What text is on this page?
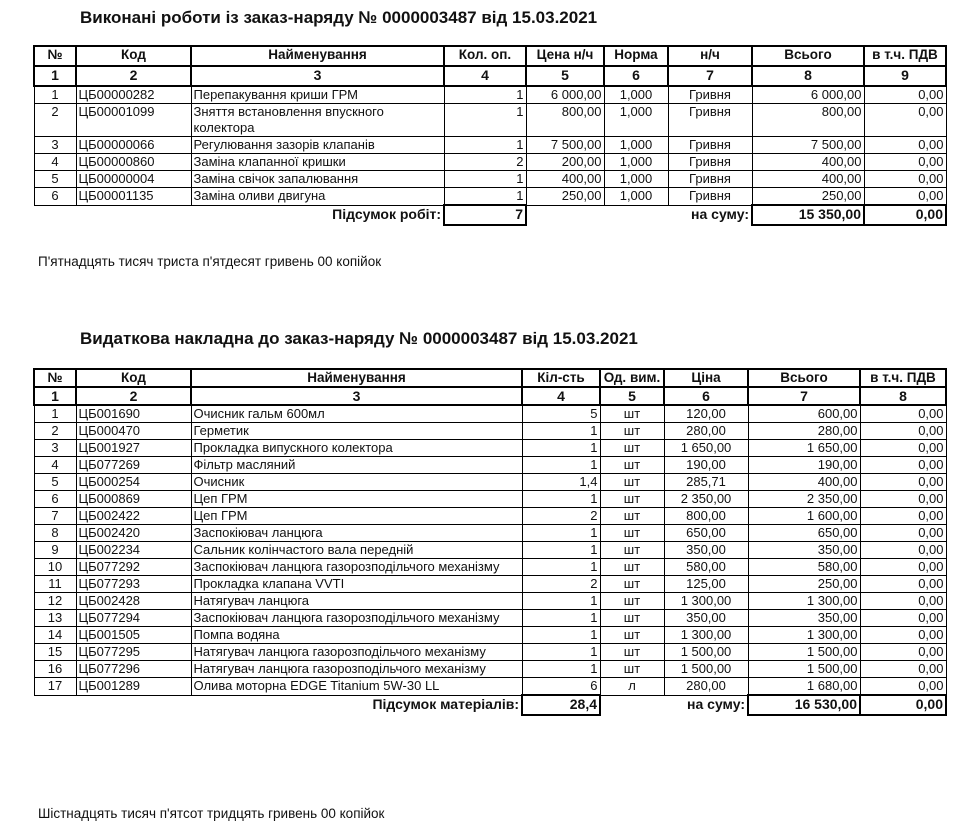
Виконані роботи із заказ-наряду № 0000003487 від 15.03.2021
№	Код	Найменування	Кол. оп.	Цена н/ч	Норма	н/ч	Всього	в т.ч. ПДВ
1	2	3	4	5	6	7	8	9
1	ЦБ00000282	Перепакування криши ГРМ	1	6 000,00	1,000	Гривня	6 000,00	0,00
2	ЦБ00001099	Зняття встановлення впускного колектора	1	800,00	1,000	Гривня	800,00	0,00
3	ЦБ00000066	Регулювання зазорів клапанів	1	7 500,00	1,000	Гривня	7 500,00	0,00
4	ЦБ00000860	Заміна клапанної кришки	2	200,00	1,000	Гривня	400,00	0,00
5	ЦБ00000004	Заміна свічок запалювання	1	400,00	1,000	Гривня	400,00	0,00
6	ЦБ00001135	Заміна оливи двигуна	1	250,00	1,000	Гривня	250,00	0,00
Підсумок робіт:			7	на суму:			15 350,00	0,00
П'ятнадцять тисяч триста п'ятдесят гривень 00 копійок
Видаткова накладна до заказ-наряду № 0000003487 від 15.03.2021
№	Код	Найменування	Кіл-сть	Од. вим.	Ціна	Всього	в т.ч. ПДВ
1	2	3	4	5	6	7	8
1	ЦБ001690	Очисник гальм 600мл	5	шт	120,00	600,00	0,00
2	ЦБ000470	Герметик	1	шт	280,00	280,00	0,00
3	ЦБ001927	Прокладка випускного колектора	1	шт	1 650,00	1 650,00	0,00
4	ЦБ077269	Фільтр масляний	1	шт	190,00	190,00	0,00
5	ЦБ000254	Очисник	1,4	шт	285,71	400,00	0,00
6	ЦБ000869	Цеп ГРМ	1	шт	2 350,00	2 350,00	0,00
7	ЦБ002422	Цеп ГРМ	2	шт	800,00	1 600,00	0,00
8	ЦБ002420	Заспокіювач ланцюга	1	шт	650,00	650,00	0,00
9	ЦБ002234	Сальник колінчастого вала передній	1	шт	350,00	350,00	0,00
10	ЦБ077292	Заспокіювач ланцюга газорозподільчого механізму	1	шт	580,00	580,00	0,00
11	ЦБ077293	Прокладка клапана VVTI	2	шт	125,00	250,00	0,00
12	ЦБ002428	Натягувач ланцюга	1	шт	1 300,00	1 300,00	0,00
13	ЦБ077294	Заспокіювач ланцюга газорозподільчого механізму	1	шт	350,00	350,00	0,00
14	ЦБ001505	Помпа водяна	1	шт	1 300,00	1 300,00	0,00
15	ЦБ077295	Натягувач ланцюга газорозподільчого механізму	1	шт	1 500,00	1 500,00	0,00
16	ЦБ077296	Натягувач ланцюга газорозподільчого механізму	1	шт	1 500,00	1 500,00	0,00
17	ЦБ001289	Олива моторна EDGE Titanium 5W-30 LL	6	л	280,00	1 680,00	0,00
Підсумок матеріалів:			28,4	на суму:		16 530,00	0,00
Шістнадцять тисяч п'ятсот тридцять гривень 00 копійок
